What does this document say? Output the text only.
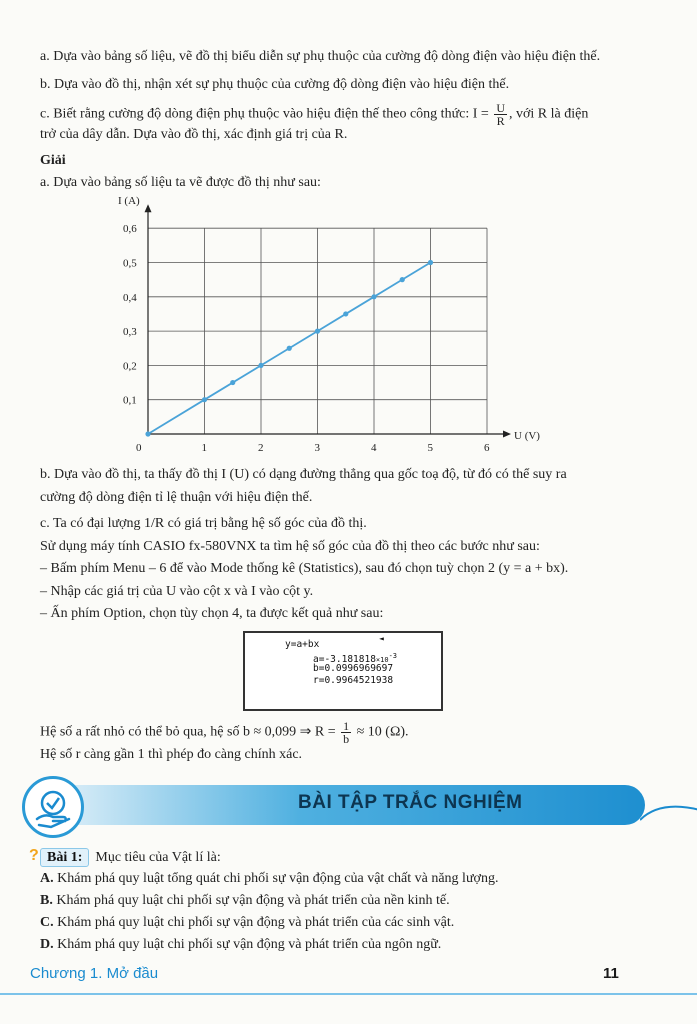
a. Dựa vào bảng số liệu, vẽ đồ thị biểu diễn sự phụ thuộc của cường độ dòng điện vào hiệu điện thế.
b. Dựa vào đồ thị, nhận xét sự phụ thuộc của cường độ dòng điện vào hiệu điện thế.
c. Biết rằng cường độ dòng điện phụ thuộc vào hiệu điện thế theo công thức: $I = \frac{U}{R}$ , với R là điện
trở của dây dẫn. Dựa vào đồ thị, xác định giá trị của R.
Giải
a. Dựa vào bảng số liệu ta vẽ được đồ thị như sau:
0	1	2	3	4	5	6
0,1
0,2
0,3
0,4
0,5
0,6
I (A)
U (V)
b. Dựa vào đồ thị, ta thấy đồ thị I (U) có dạng đường thẳng qua gốc toạ độ, từ đó có thể suy ra
cường độ dòng điện tỉ lệ thuận với hiệu điện thế.
c. Ta có đại lượng 1/R có giá trị bằng hệ số góc của đồ thị.
Sử dụng máy tính CASIO fx-580VNX ta tìm hệ số góc của đồ thị theo các bước như sau:
– Bấm phím Menu – 6 để vào Mode thống kê (Statistics), sau đó chọn tuỳ chọn 2 (y = a + bx).
– Nhập các giá trị của U vào cột x và I vào cột y.
– Ấn phím Option, chọn tùy chọn 4, ta được kết quả như sau:
y=a+bx
◄
$a=-3.181818\times 10^{-3}$
b=0.0996969697
r=0.9964521938
Hệ số a rất nhỏ có thể bỏ qua, hệ số b ≈ 0,099 ⇒ $R = \frac{1}{b} \approx 10$ (Ω).
Hệ số r càng gần 1 thì phép đo càng chính xác.
BÀI TẬP TRẮC NGHIỆM
? Bài 1: Mục tiêu của Vật lí là:
A. Khám phá quy luật tổng quát chi phối sự vận động của vật chất và năng lượng.
B. Khám phá quy luật chi phối sự vận động và phát triển của nền kinh tế.
C. Khám phá quy luật chi phối sự vận động và phát triển của các sinh vật.
D. Khám phá quy luật chi phối sự vận động và phát triển của ngôn ngữ.
Chương 1. Mở đầu	11
